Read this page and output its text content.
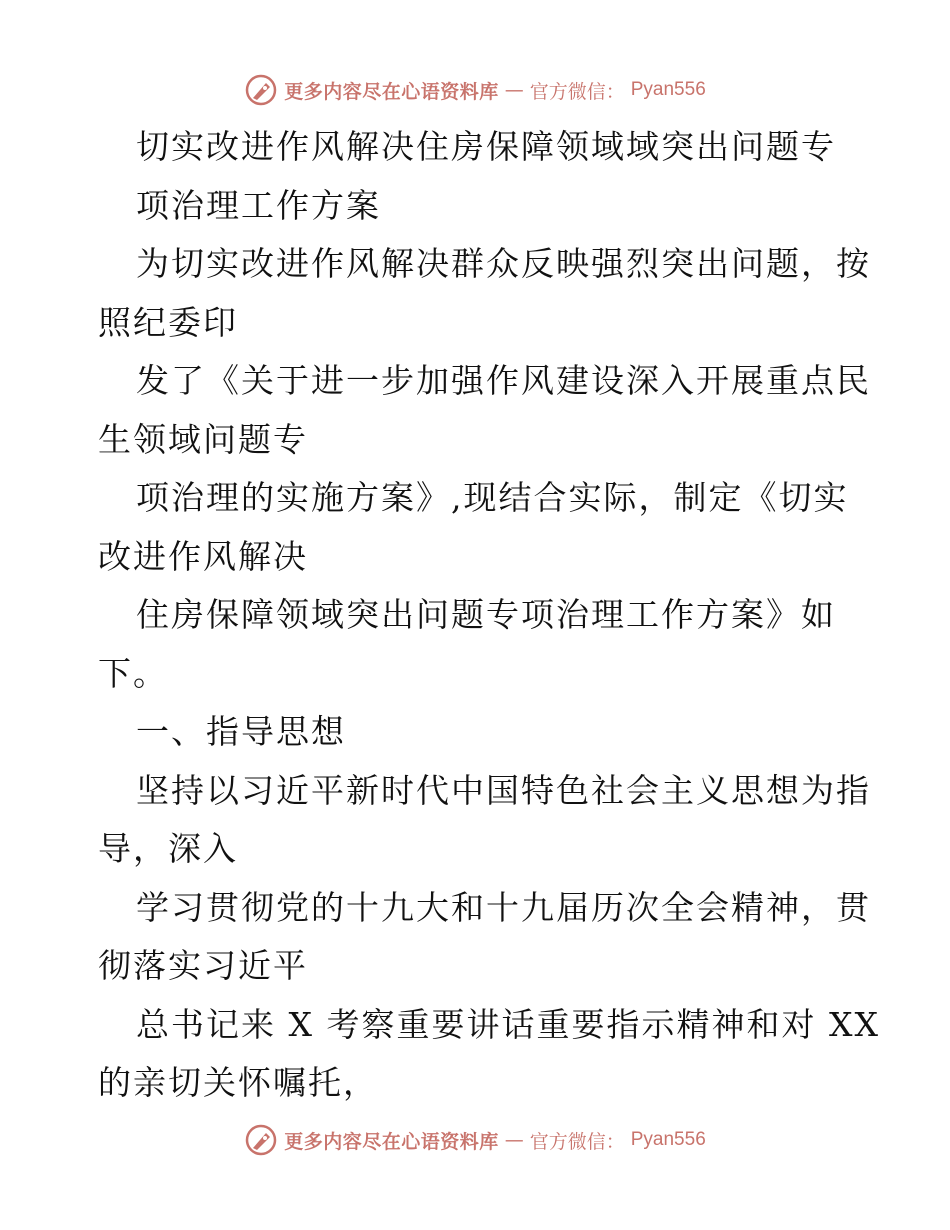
更多内容尽在心语资料库 — 官方微信： Pyan556
切实改进作风解决住房保障领域域突出问题专
项治理工作方案
为切实改进作风解决群众反映强烈突出问题，按
照纪委印
发了《关于进一步加强作风建设深入开展重点民
生领域问题专
项治理的实施方案》,现结合实际，制定《切实
改进作风解决
住房保障领域突出问题专项治理工作方案》如
下。
一、指导思想
坚持以习近平新时代中国特色社会主义思想为指
导，深入
学习贯彻党的十九大和十九届历次全会精神，贯
彻落实习近平
总书记来 X 考察重要讲话重要指示精神和对 XX
的亲切关怀嘱托，
更多内容尽在心语资料库 — 官方微信： Pyan556
